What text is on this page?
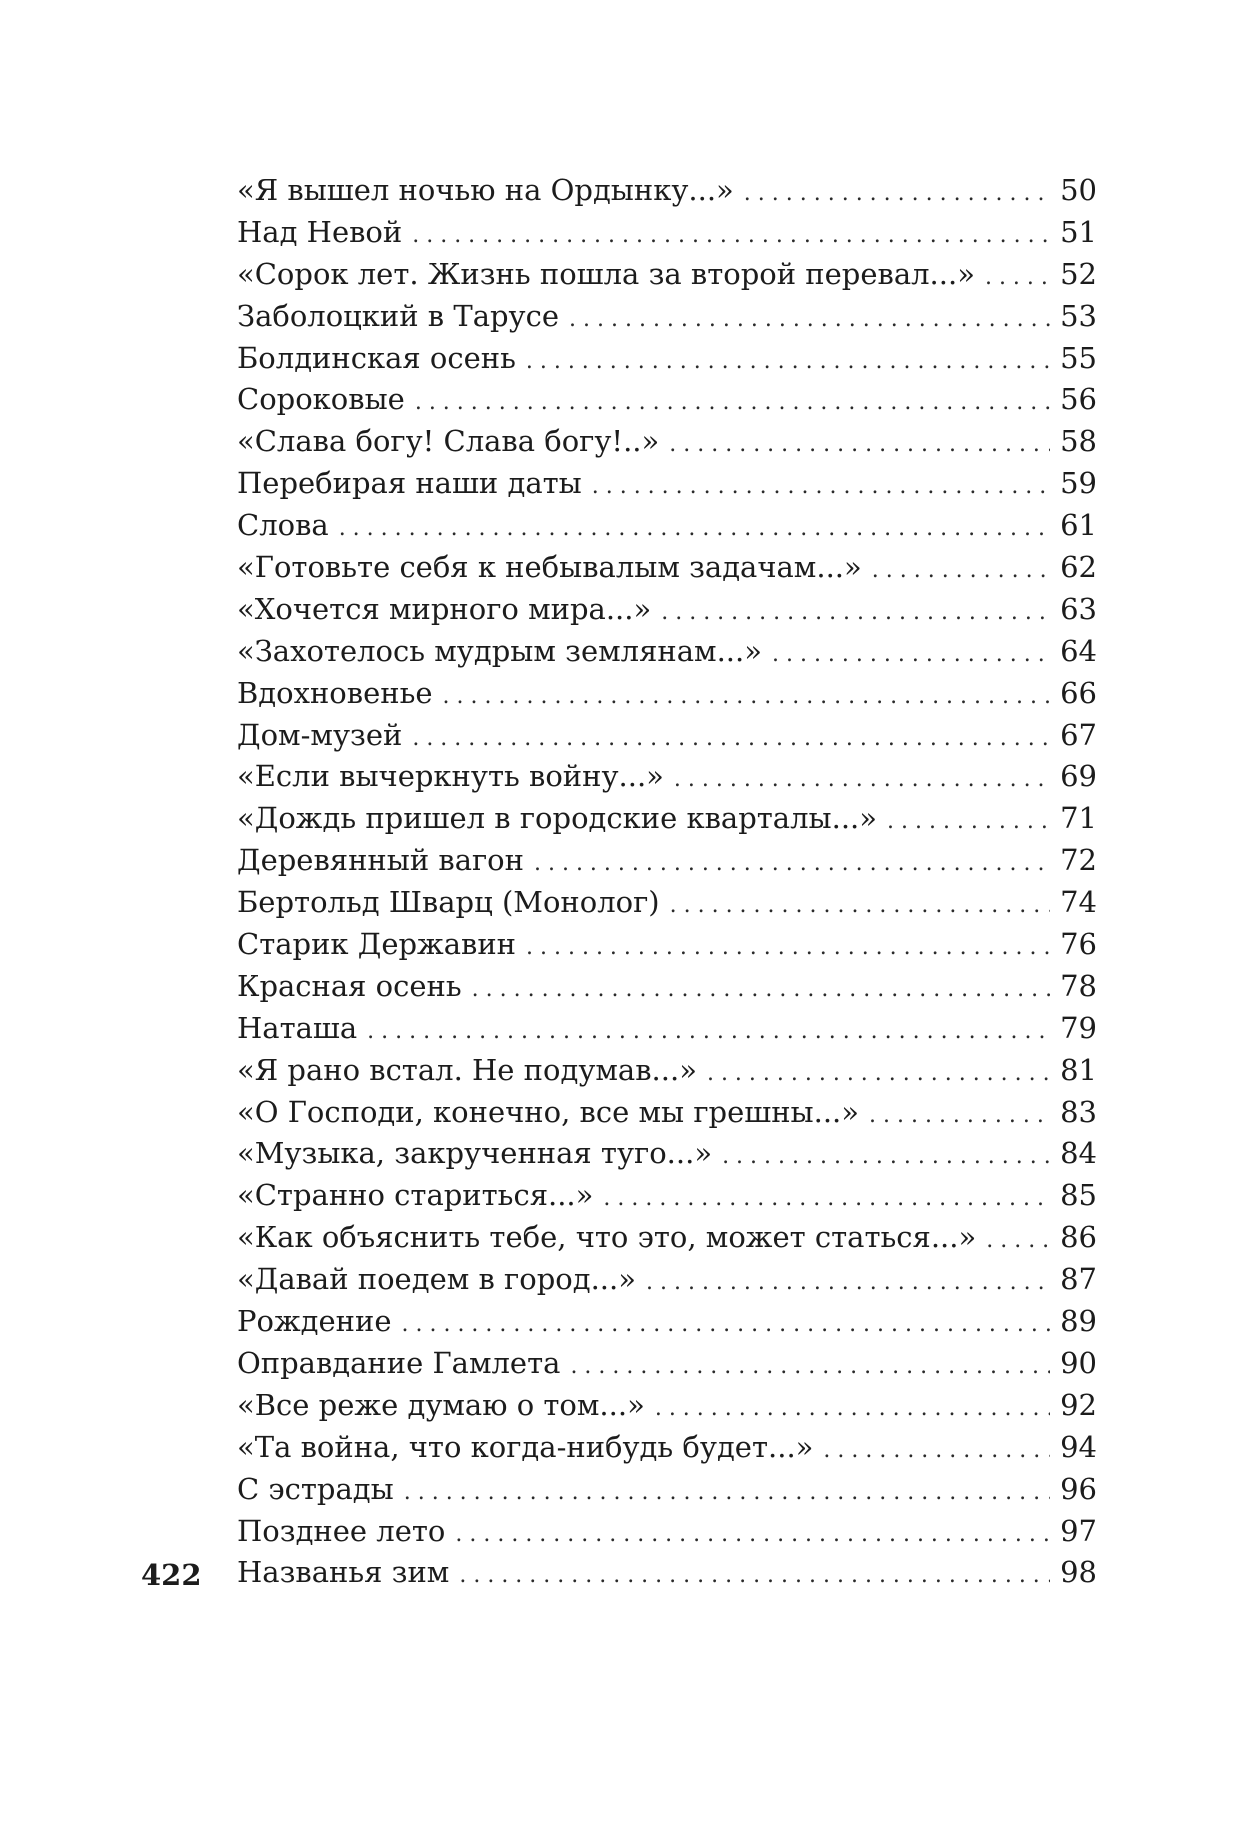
«Я вышел ночью на Ордынку...» . . .	50
Над Невой . . .	51
«Сорок лет. Жизнь пошла за второй перевал...» . . .	52
Заболоцкий в Тарусе . . .	53
Болдинская осень . . .	55
Сороковые . . .	56
«Слава богу! Слава богу!..» . . .	58
Перебирая наши даты . . .	59
Слова . . .	61
«Готовьте себя к небывалым задачам...» . . .	62
«Хочется мирного мира...» . . .	63
«Захотелось мудрым землянам...» . . .	64
Вдохновенье . . .	66
Дом-музей . . .	67
«Если вычеркнуть войну...» . . .	69
«Дождь пришел в городские кварталы...» . . .	71
Деревянный вагон . . .	72
Бертольд Шварц (Монолог) . . .	74
Старик Державин . . .	76
Красная осень . . .	78
Наташа . . .	79
«Я рано встал. Не подумав...» . . .	81
«О Господи, конечно, все мы грешны...» . . .	83
«Музыка, закрученная туго...» . . .	84
«Странно стариться...» . . .	85
«Как объяснить тебе, что это, может статься...» . . .	86
«Давай поедем в город...» . . .	87
Рождение . . .	89
Оправдание Гамлета . . .	90
«Все реже думаю о том...» . . .	92
«Та война, что когда-нибудь будет...» . . .	94
С эстрады . . .	96
Позднее лето . . .	97
Названья зим . . .	98
422
